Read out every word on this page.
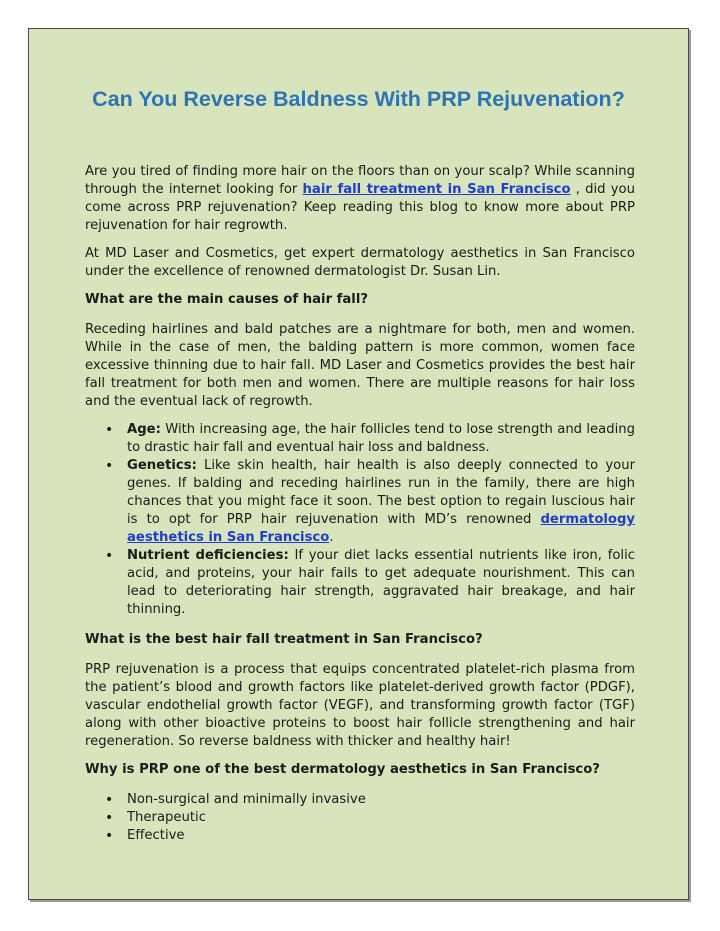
Can You Reverse Baldness With PRP Rejuvenation?

Are you tired of finding more hair on the floors than on your scalp? While scanning through the internet looking for hair fall treatment in San Francisco , did you come across PRP rejuvenation? Keep reading this blog to know more about PRP rejuvenation for hair regrowth.

At MD Laser and Cosmetics, get expert dermatology aesthetics in San Francisco under the excellence of renowned dermatologist Dr. Susan Lin.

What are the main causes of hair fall?

Receding hairlines and bald patches are a nightmare for both, men and women. While in the case of men, the balding pattern is more common, women face excessive thinning due to hair fall. MD Laser and Cosmetics provides the best hair fall treatment for both men and women. There are multiple reasons for hair loss and the eventual lack of regrowth.

• Age: With increasing age, the hair follicles tend to lose strength and leading to drastic hair fall and eventual hair loss and baldness.
• Genetics: Like skin health, hair health is also deeply connected to your genes. If balding and receding hairlines run in the family, there are high chances that you might face it soon. The best option to regain luscious hair is to opt for PRP hair rejuvenation with MD’s renowned dermatology aesthetics in San Francisco.
• Nutrient deficiencies: If your diet lacks essential nutrients like iron, folic acid, and proteins, your hair fails to get adequate nourishment. This can lead to deteriorating hair strength, aggravated hair breakage, and hair thinning.
What is the best hair fall treatment in San Francisco?

PRP rejuvenation is a process that equips concentrated platelet-rich plasma from the patient’s blood and growth factors like platelet-derived growth factor (PDGF), vascular endothelial growth factor (VEGF), and transforming growth factor (TGF) along with other bioactive proteins to boost hair follicle strengthening and hair regeneration. So reverse baldness with thicker and healthy hair!

Why is PRP one of the best dermatology aesthetics in San Francisco?
• Non-surgical and minimally invasive
• Therapeutic
• Effective
